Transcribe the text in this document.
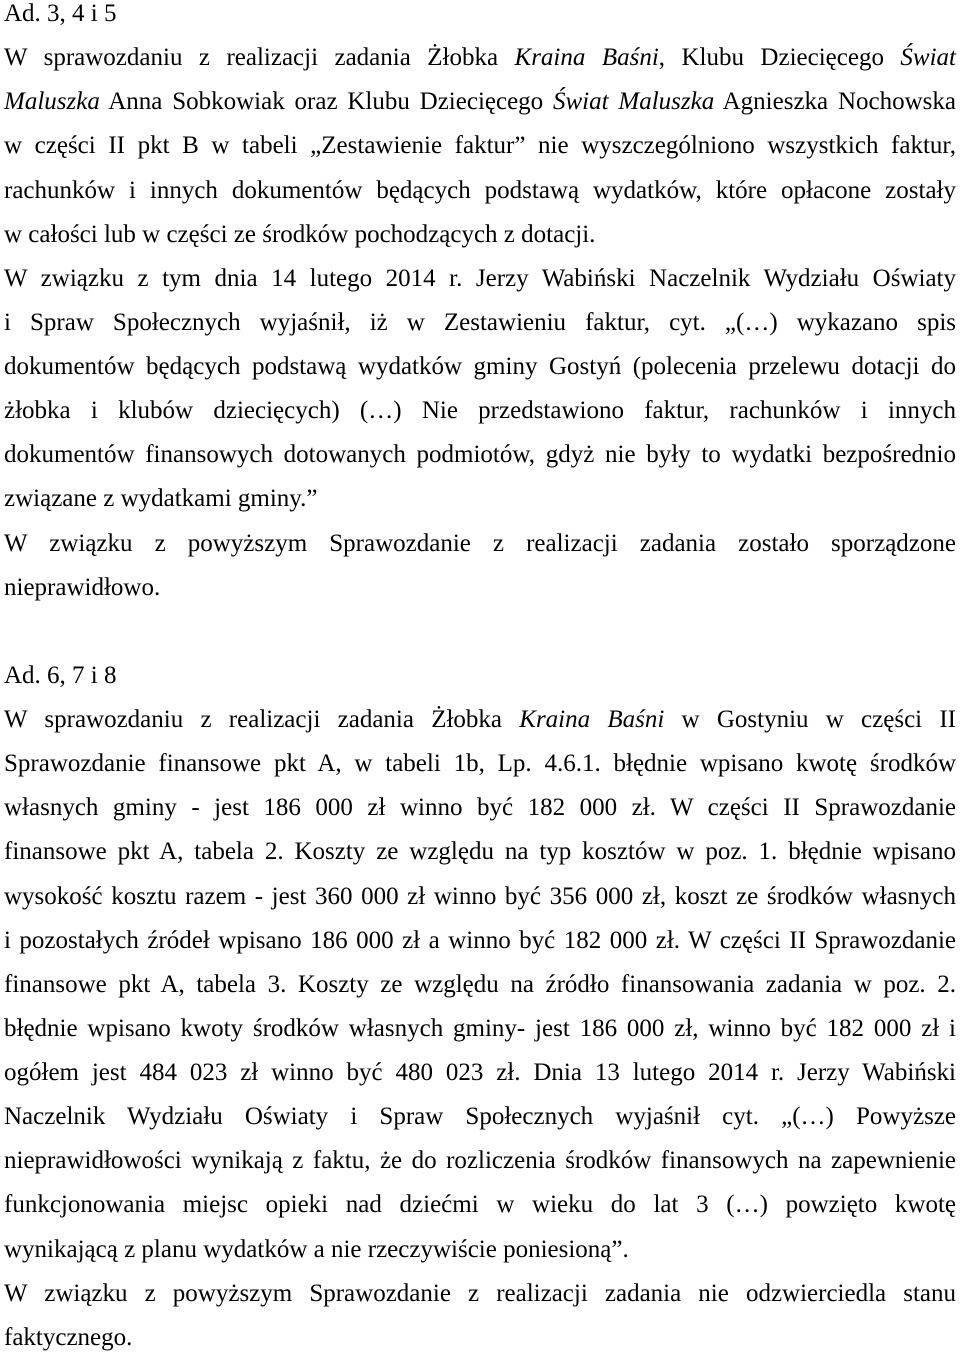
Ad. 3, 4 i 5
W sprawozdaniu z realizacji zadania Żłobka Kraina Baśni, Klubu Dziecięcego Świat
Maluszka Anna Sobkowiak oraz Klubu Dziecięcego Świat Maluszka Agnieszka Nochowska
w części II pkt B w tabeli „Zestawienie faktur” nie wyszczególniono wszystkich faktur,
rachunków i innych dokumentów będących podstawą wydatków, które opłacone zostały
w całości lub w części ze środków pochodzących z dotacji.
W związku z tym dnia 14 lutego 2014 r. Jerzy Wabiński Naczelnik Wydziału Oświaty
i Spraw Społecznych wyjaśnił, iż w Zestawieniu faktur, cyt. „(…) wykazano spis
dokumentów będących podstawą wydatków gminy Gostyń (polecenia przelewu dotacji do
żłobka i klubów dziecięcych) (…) Nie przedstawiono faktur, rachunków i innych
dokumentów finansowych dotowanych podmiotów, gdyż nie były to wydatki bezpośrednio
związane z wydatkami gminy.”
W związku z powyższym Sprawozdanie z realizacji zadania zostało sporządzone
nieprawidłowo.
Ad. 6, 7 i 8
W sprawozdaniu z realizacji zadania Żłobka Kraina Baśni w Gostyniu w części II
Sprawozdanie finansowe pkt A, w tabeli 1b, Lp. 4.6.1. błędnie wpisano kwotę środków
własnych gminy - jest 186 000 zł winno być 182 000 zł. W części II Sprawozdanie
finansowe pkt A, tabela 2. Koszty ze względu na typ kosztów w poz. 1. błędnie wpisano
wysokość kosztu razem - jest 360 000 zł winno być 356 000 zł, koszt ze środków własnych
i pozostałych źródeł wpisano 186 000 zł a winno być 182 000 zł. W części II Sprawozdanie
finansowe pkt A, tabela 3. Koszty ze względu na źródło finansowania zadania w poz. 2.
błędnie wpisano kwoty środków własnych gminy- jest 186 000 zł, winno być 182 000 zł i
ogółem jest 484 023 zł winno być 480 023 zł. Dnia 13 lutego 2014 r. Jerzy Wabiński
Naczelnik Wydziału Oświaty i Spraw Społecznych wyjaśnił cyt. „(…) Powyższe
nieprawidłowości wynikają z faktu, że do rozliczenia środków finansowych na zapewnienie
funkcjonowania miejsc opieki nad dziećmi w wieku do lat 3 (…) powzięto kwotę
wynikającą z planu wydatków a nie rzeczywiście poniesioną”.
W związku z powyższym Sprawozdanie z realizacji zadania nie odzwierciedla stanu
faktycznego.
